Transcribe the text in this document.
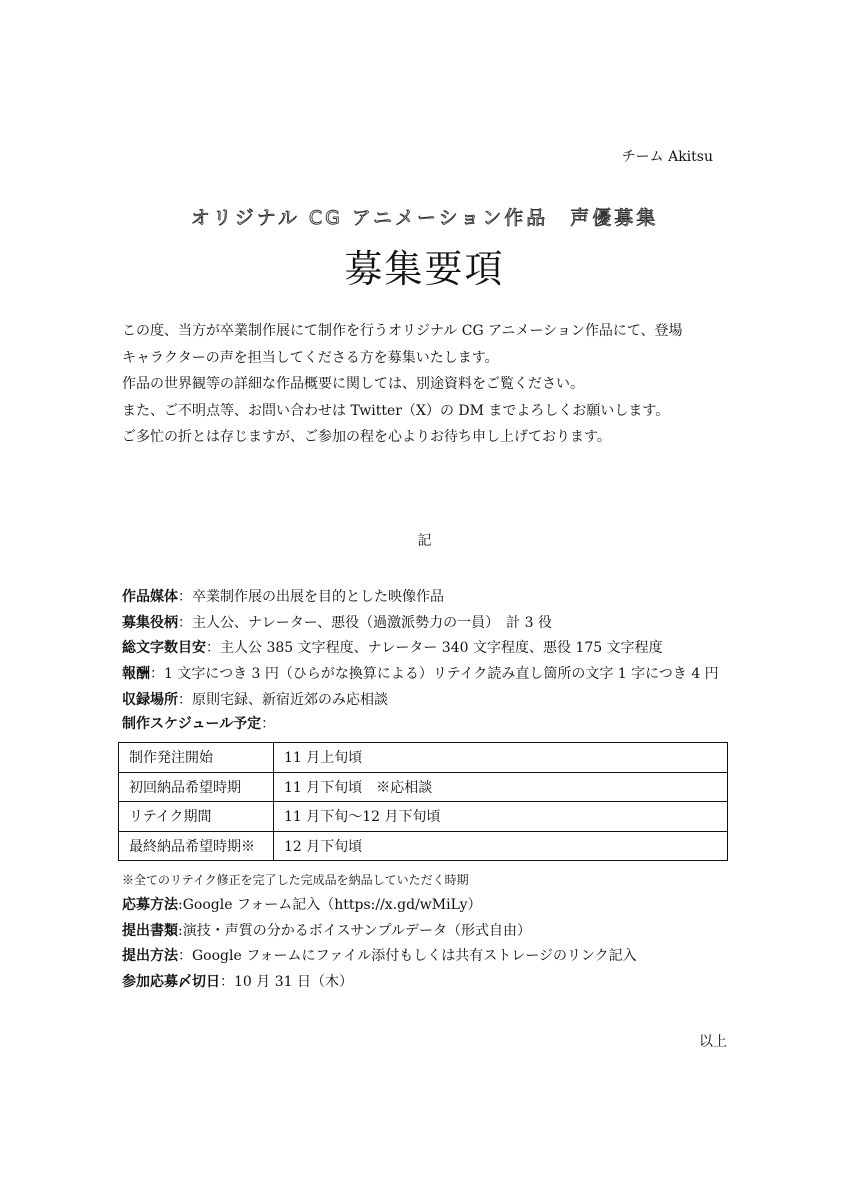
チーム Akitsu
オリジナル CG アニメーション作品　声優募集
募集要項

この度、当方が卒業制作展にて制作を行うオリジナル CG アニメーション作品にて、登場

キャラクターの声を担当してくださる方を募集いたします。

作品の世界観等の詳細な作品概要に関しては、別途資料をご覧ください。

また、ご不明点等、お問い合わせは Twitter（X）の DM までよろしくお願いします。

ご多忙の折とは存じますが、ご参加の程を心よりお待ち申し上げております。

記
作品媒体：卒業制作展の出展を目的とした映像作品
募集役柄：主人公、ナレーター、悪役（過激派勢力の一員）　計 3 役
総文字数目安：主人公 385 文字程度、ナレーター 340 文字程度、悪役 175 文字程度
報酬：1 文字につき 3 円（ひらがな換算による）リテイク読み直し箇所の文字 1 字につき 4 円
収録場所：原則宅録、新宿近郊のみ応相談
制作スケジュール予定：
制作発注開始	11 月上旬頃
初回納品希望時期	11 月下旬頃　※応相談
リテイク期間	11 月下旬～12 月下旬頃
最終納品希望時期※	12 月下旬頃
※全てのリテイク修正を完了した完成品を納品していただく時期
応募方法:Google フォーム記入（https://x.gd/wMiLy）
提出書類:演技・声質の分かるボイスサンプルデータ（形式自由）
提出方法：Google フォームにファイル添付もしくは共有ストレージのリンク記入
参加応募〆切日：10 月 31 日（木）
以上
